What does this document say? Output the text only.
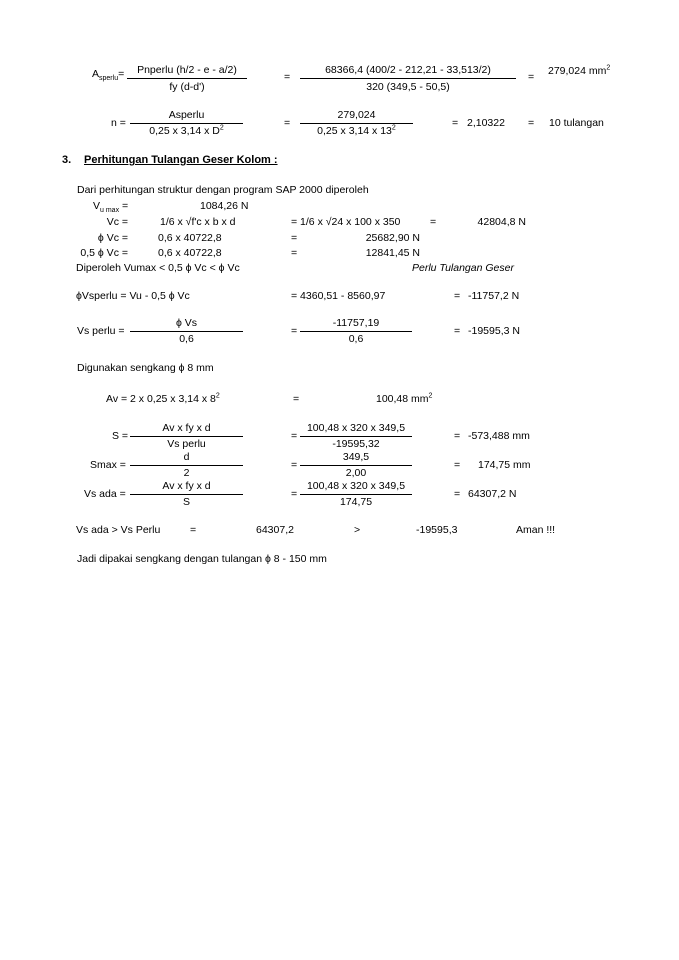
$A_{sperlu}=$	Pnperlu (h/2 - e - a/2)
fy (d-d')
=
68366,4 (400/2 - 212,21 - 33,513/2)
320 (349,5 - 50,5)
= 279,024 $mm^2$
n =
Asperlu
0,25 x 3,14 x $D^2$	=
279,024
0,25 x 3,14 x $13^2$	= 2,10322 = 10 tulangan
3. Perhitungan Tulangan Geser Kolom :
Dari perhitungan struktur dengan program SAP 2000 diperoleh
$V_{u max}$ =	1084,26 N
Vc =	1/6 x √f'c x b x d	= 1/6 x √24 x 100 x 350	=	42804,8 N
ϕ Vc =	0,6 x 40722,8	=	25682,90 N
0,5 ϕ Vc =	0,6 x 40722,8	=	12841,45 N
Diperoleh Vumax < 0,5 ϕ Vc < ϕ Vc	Perlu Tulangan Geser
ϕVsperlu = Vu - 0,5 ϕ Vc	= 4360,51 - 8560,97	= -11757,2 N
Vs perlu =
ϕ Vs
0,6
=
-11757,19
0,6
= -19595,3 N
Digunakan sengkang ϕ 8 mm
Av = 2 x 0,25 x 3,14 x $8^2$	=	100,48 $mm^2$
S =
Av x fy x d
Vs perlu
=
100,48 x 320 x 349,5
-19595,32
= -573,488 mm
Smax =
d
2
=
349,5
2,00
= 174,75 mm
Vs ada =
Av x fy x d
S
=
100,48 x 320 x 349,5
174,75
= 64307,2 N
Vs ada > Vs Perlu	=	64307,2	>	-19595,3	Aman !!!
Jadi dipakai sengkang dengan tulangan ϕ 8 - 150 mm
